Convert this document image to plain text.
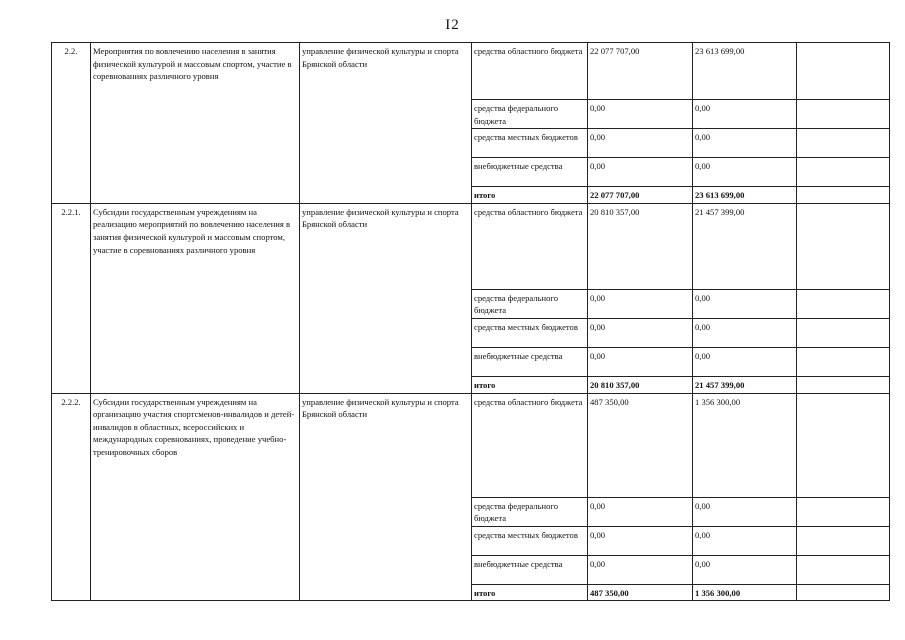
I2
2.2.	Мероприятия по вовлечению населения в занятия физической культурой и массовым спортом, участие в соревнованиях различного уровня	управление физической культуры и спорта Брянской области	средства областного бюджета	22 077 707,00	23 613 699,00	
			средства федерального бюджета	0,00	0,00	
			средства местных бюджетов	0,00	0,00	
			внебюджетные средства	0,00	0,00	
			итого	22 077 707,00	23 613 699,00	
2.2.1.	Субсидии государственным учреждениям на реализацию мероприятий по вовлечению населения в занятия физической культурой и массовым спортом, участие в соревнованиях различного уровня	управление физической культуры и спорта Брянской области	средства областного бюджета	20 810 357,00	21 457 399,00	
			средства федерального бюджета	0,00	0,00	
			средства местных бюджетов	0,00	0,00	
			внебюджетные средства	0,00	0,00	
			итого	20 810 357,00	21 457 399,00	
2.2.2.	Субсидии государственным учреждениям на организацию участия спортсменов-инвалидов и детей-инвалидов в областных, всероссийских и международных соревнованиях, проведение учебно-тренировочных сборов	управление физической культуры и спорта Брянской области	средства областного бюджета	487 350,00	1 356 300,00	
			средства федерального бюджета	0,00	0,00	
			средства местных бюджетов	0,00	0,00	
			внебюджетные средства	0,00	0,00	
			итого	487 350,00	1 356 300,00	
